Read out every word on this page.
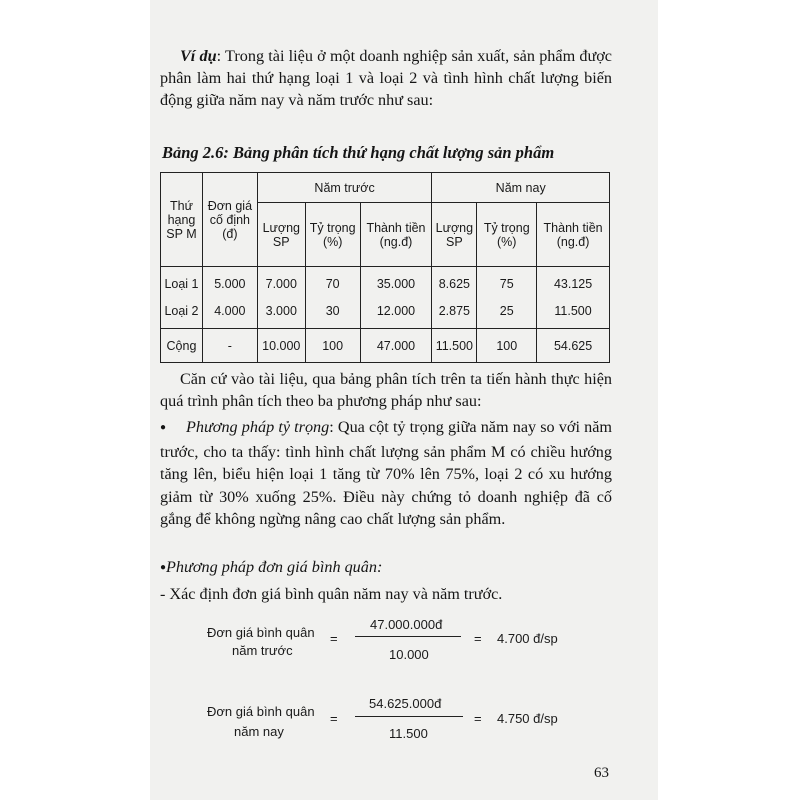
Ví dụ: Trong tài liệu ở một doanh nghiệp sản xuất, sản phẩm được phân làm hai thứ hạng loại 1 và loại 2 và tình hình chất lượng biến động giữa năm nay và năm trước như sau:
Bảng 2.6: Bảng phân tích thứ hạng chất lượng sản phẩm
Thứ hạng SP M	Đơn giá cố định (đ)	Năm trước			Năm nay		
		Lượng SP	Tỷ trọng (%)	Thành tiền (ng.đ)	Lượng SP	Tỷ trọng (%)	Thành tiền (ng.đ)
Loại 1	5.000	7.000	70	35.000	8.625	75	43.125
Loại 2	4.000	3.000	30	12.000	2.875	25	11.500
Cộng	-	10.000	100	47.000	11.500	100	54.625
Căn cứ vào tài liệu, qua bảng phân tích trên ta tiến hành thực hiện quá trình phân tích theo ba phương pháp như sau:
● Phương pháp tỷ trọng: Qua cột tỷ trọng giữa năm nay so với năm trước, cho ta thấy: tình hình chất lượng sản phẩm M có chiều hướng tăng lên, biểu hiện loại 1 tăng từ 70% lên 75%, loại 2 có xu hướng giảm từ 30% xuống 25%. Điều này chứng tỏ doanh nghiệp đã cố gắng để không ngừng nâng cao chất lượng sản phẩm.
●Phương pháp đơn giá bình quân:
- Xác định đơn giá bình quân năm nay và năm trước.
Đơn giá bình quân
năm trước
=
47.000.000đ
10.000
= 4.700 đ/sp
Đơn giá bình quân
năm nay
=
54.625.000đ
11.500
= 4.750 đ/sp
63
